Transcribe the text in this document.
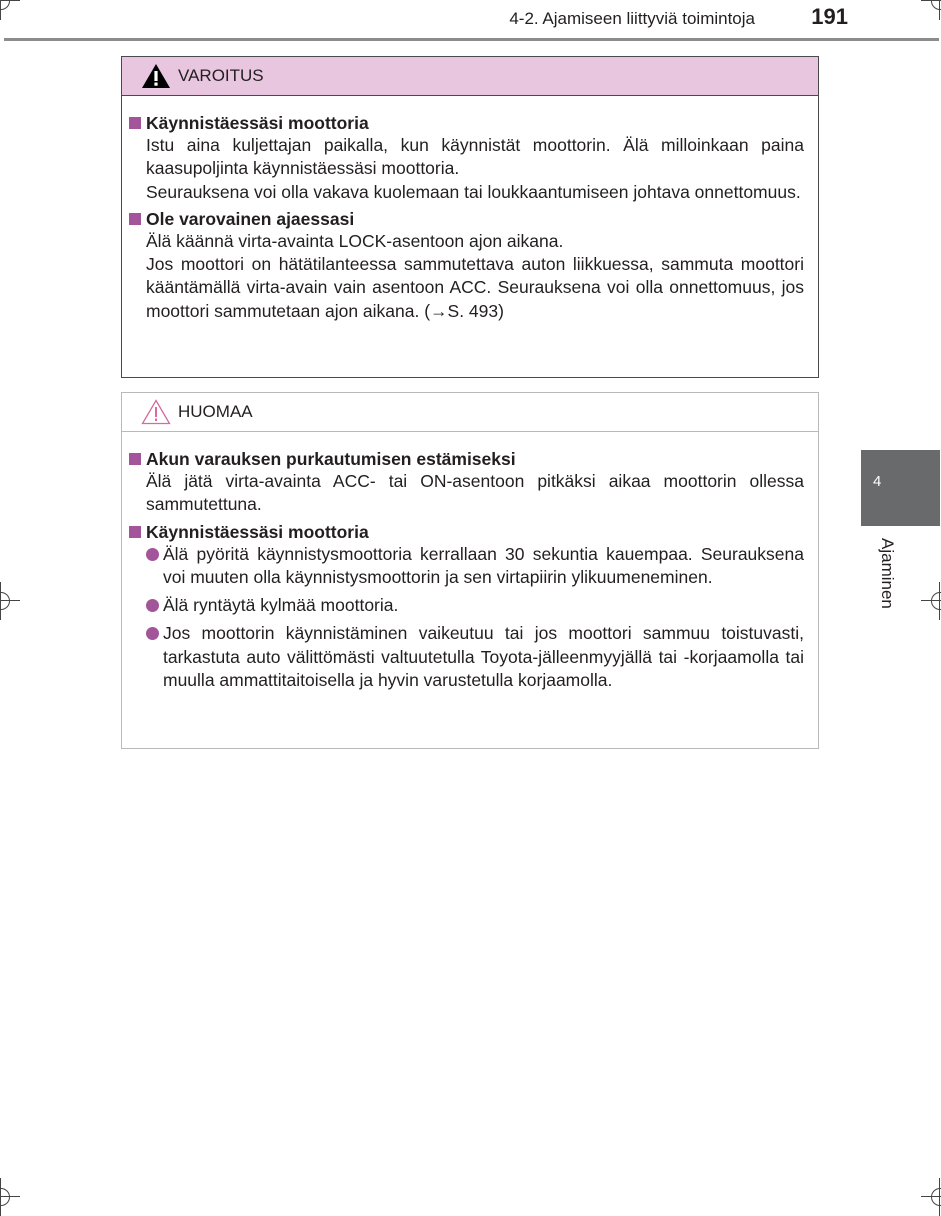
4-2. Ajamiseen liittyviä toimintoja	191
VAROITUS
Käynnistäessäsi moottoria

Istu aina kuljettajan paikalla, kun käynnistät moottorin. Älä milloinkaan paina kaasupoljinta käynnistäessäsi moottoria.

Seurauksena voi olla vakava kuolemaan tai loukkaantumiseen johtava onnettomuus.

Ole varovainen ajaessasi

Älä käännä virta-avainta LOCK-asentoon ajon aikana.

Jos moottori on hätätilanteessa sammutettava auton liikkuessa, sammuta moottori kääntämällä virta-avain vain asentoon ACC. Seurauksena voi olla onnettomuus, jos moottori sammutetaan ajon aikana. (→S. 493)

HUOMAA
Akun varauksen purkautumisen estämiseksi

Älä jätä virta-avainta ACC- tai ON-asentoon pitkäksi aikaa moottorin ollessa sammutettuna.

Käynnistäessäsi moottoria
Älä pyöritä käynnistysmoottoria kerrallaan 30 sekuntia kauempaa. Seurauksena voi muuten olla käynnistysmoottorin ja sen virtapiirin ylikuumeneminen.
Älä ryntäytä kylmää moottoria.
Jos moottorin käynnistäminen vaikeutuu tai jos moottori sammuu toistuvasti, tarkastuta auto välittömästi valtuutetulla Toyota-jälleenmyyjällä tai -korjaamolla tai muulla ammattitaitoisella ja hyvin varustetulla korjaamolla.
4
Ajaminen
